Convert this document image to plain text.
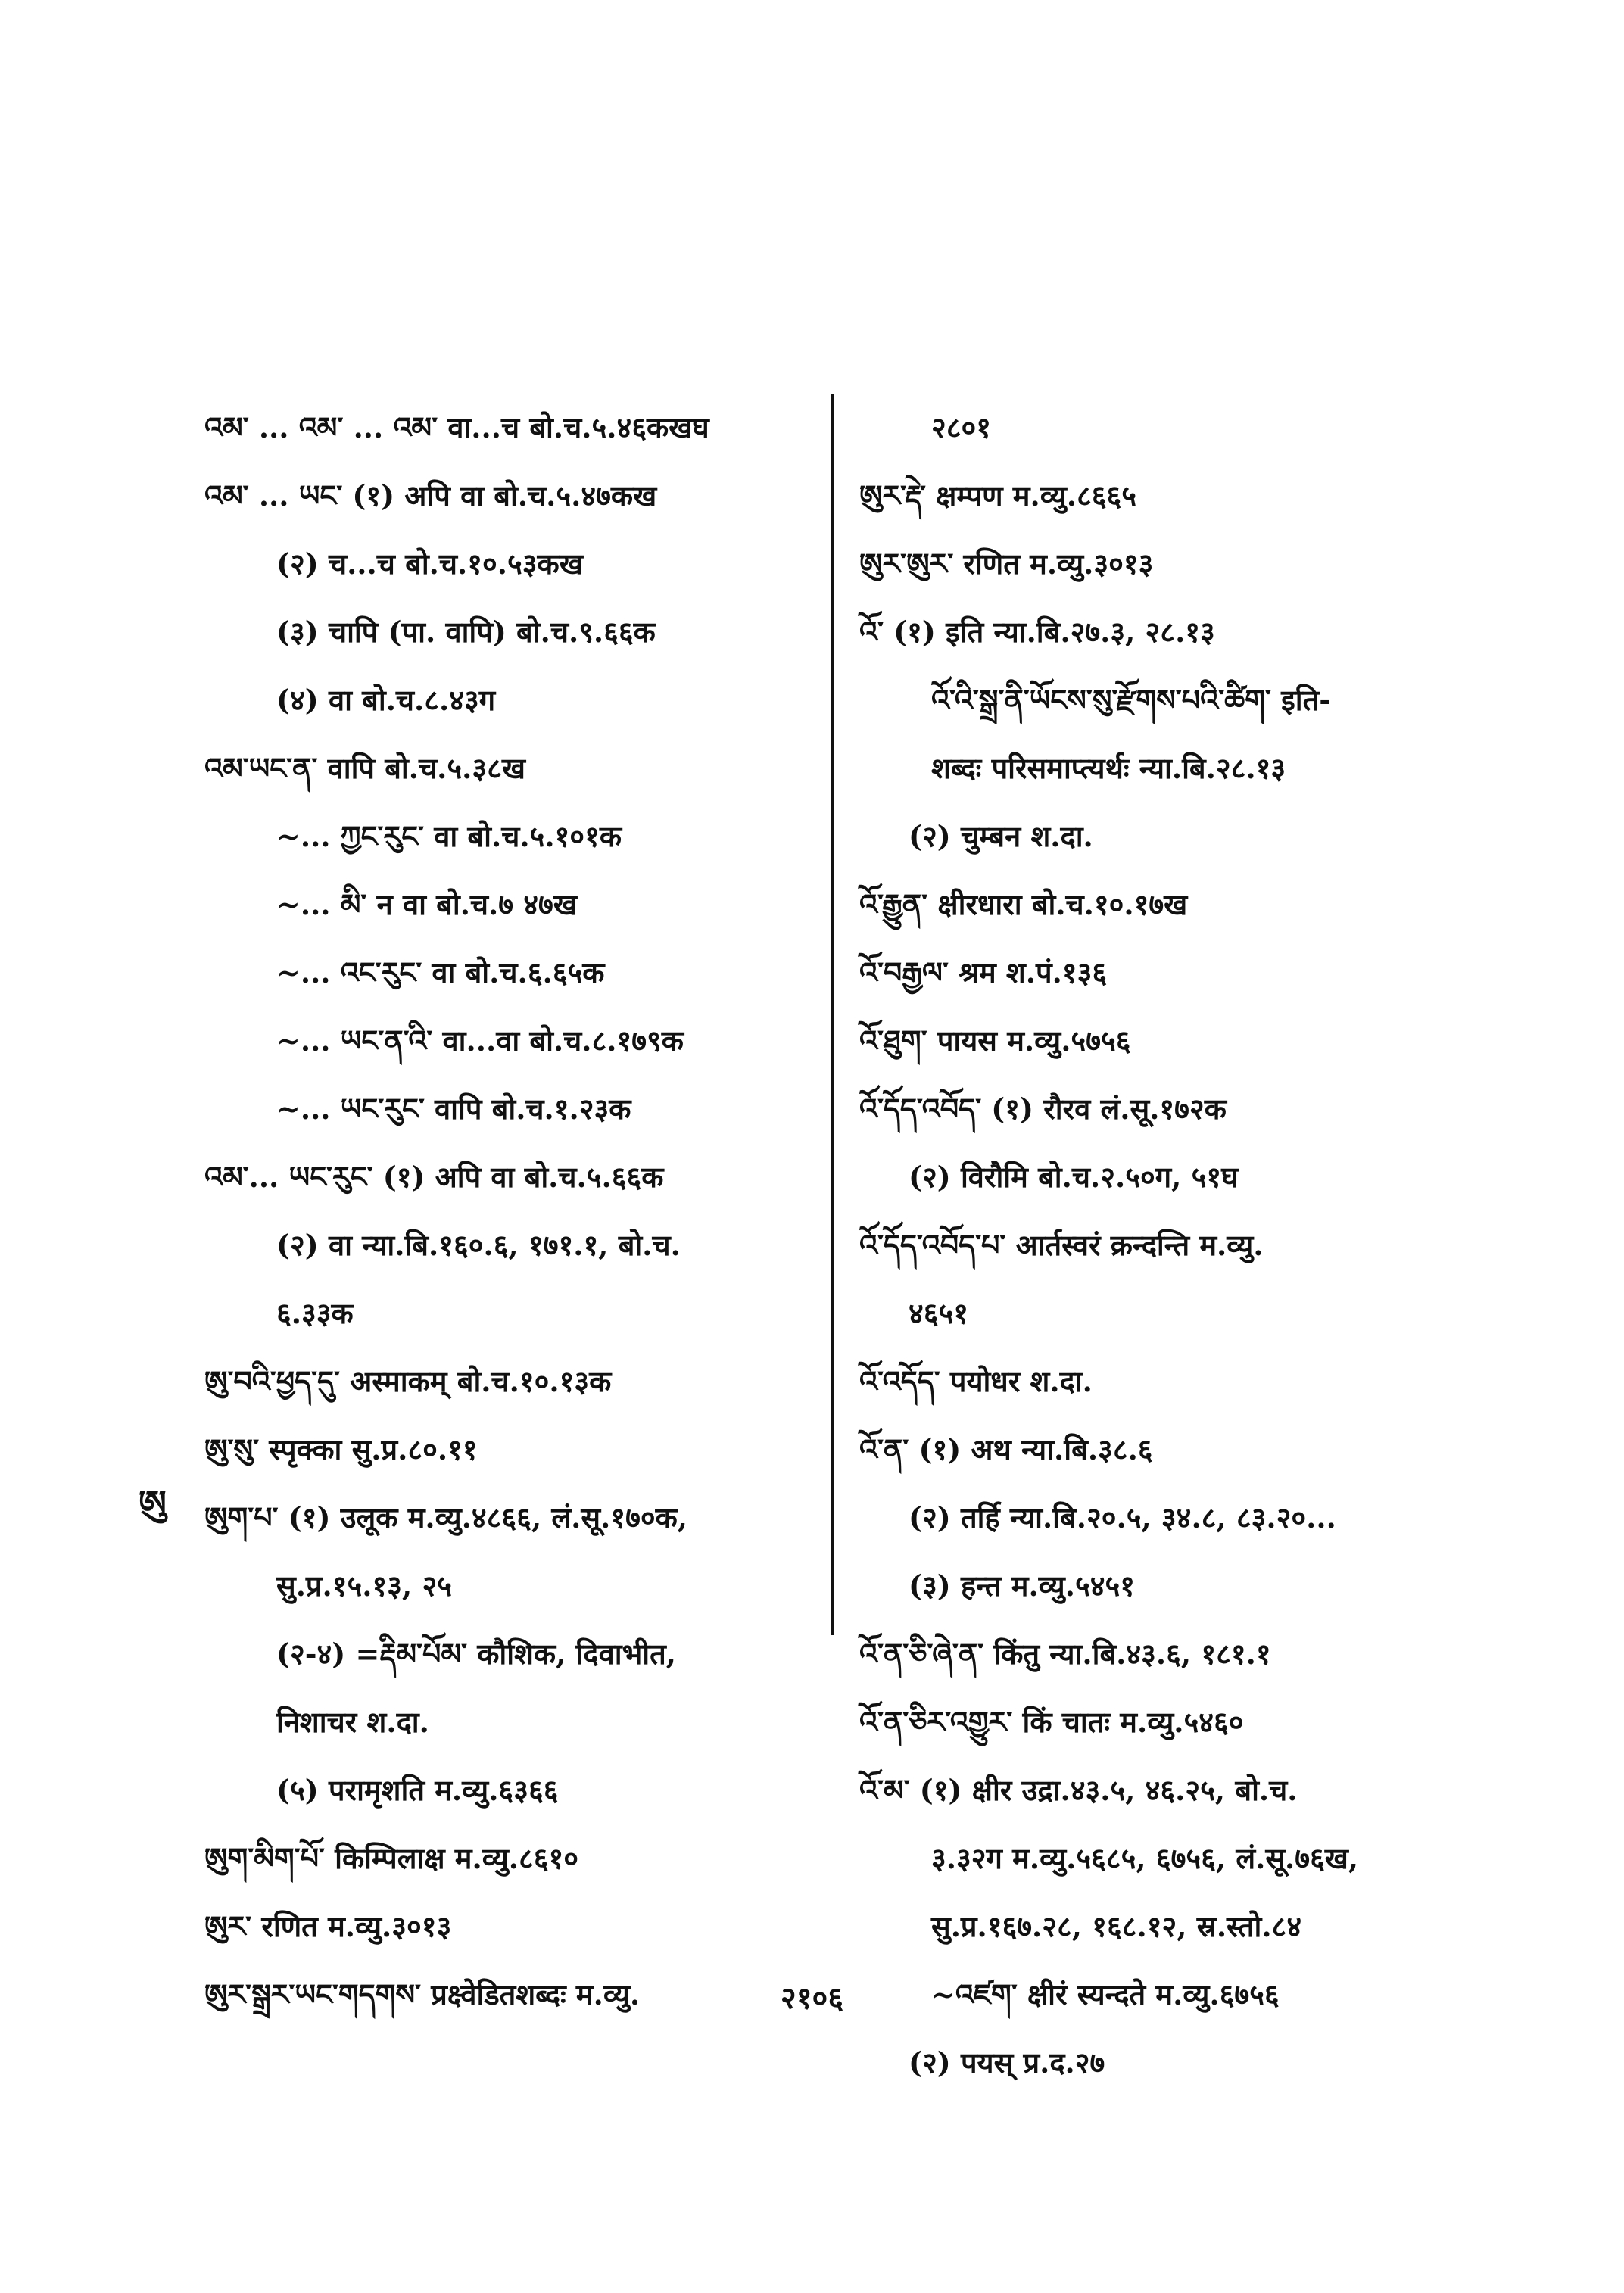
འམ་ ... འམ་ ... འམ་ वा...च बो.च.५.४६कखघ
འམ་ ... ཡང་ (१) अपि वा बो.च.५.४७कख
(२) च...च बो.च.१०.५३कख
(३) चापि (पा. वापि) बो.च.९.६६क
(४) वा बो.च.८.४३ग
འམ་ཡང་ན་ वापि बो.च.५.३८ख
~... ཀྱང་རུང་ वा बो.च.५.१०१क
~... མི་ न वा बो.च.७ ४७ख
~... འང་རུང་ वा बो.च.६.६५क
~... ཡང་ན་འི་ वा...वा बो.च.८.१७९क
~... ཡང་རུང་ वापि बो.च.१.२३क
འམ་... ཡང་རུང་ (१) अपि वा बो.च.५.६६क
(२) वा न्या.बि.१६०.६, १७१.१, बो.च.
६.३३क
ཨུ་བའི་ཕྱད་དུ་ अस्माकम् बो.च.१०.१३क
ཨུ་སུ་ स्पृक्का सु.प्र.८०.११
ཨུག་པ་ (१) उलूक म.व्यु.४८६६, लं.सू.१७०क,
सु.प्र.१५.१३, २५
(२-४) =རྡིམ་པོམ་ कौशिक, दिवाभीत,
निशाचर श.दा.
(५) परामृशति म.व्यु.६३६६
ཨུག་མིག་པོ་ किम्पिलाक्ष म.व्यु.८६१०
ཨུར་ रणित म.व्यु.३०१३
ཨུར་སྒྲར་ཡང་གདགས་ प्रक्ष्वेडितशब्दः म.व्यु.
२८०१
ཨུར་རྡེ་ क्षम्पण म.व्यु.८६६५
ཨུར་ཨུར་ रणित म.व्यु.३०१३
འོ་ (१) इति न्या.बि.२७.३, २८.१३
འོ་འི་སྒྲ་ནི་ཡོངས་སུ་རྫོགས་པའི་ཚིག་ इति-
शब्दः परिसमाप्त्यर्थः न्या.बि.२८.१३
(२) चुम्बन श.दा.
འོ་རྒྱུན་ क्षीरधारा बो.च.१०.१७ख
འོ་བརྒྱལ་ श्रम श.पं.१३६
འོ་ཐུག་ पायस म.व्यु.५७५६
འོ་དོད་འབོད་ (१) रौरव लं.सू.१७२क
(२) विरौमि बो.च.२.५०ग, ५१घ
འོ་དོད་འབོད་པ་ आर्तस्वरं क्रन्दन्ति म.व्यु.
४६५१
འོ་འདོད་ पयोधर श.दा.
འོ་ན་ (१) अथ न्या.बि.३८.६
(२) तर्हि न्या.बि.२०.५, ३४.८, ८३.२०...
(३) हन्त म.व्यु.५४५१
འོ་ན་ཅི་ཞེ་ན་ किंतु न्या.बि.४३.६, १८१.१
འོ་ན་ཅིར་འགྱུར་ किं चातः म.व्यु.५४६०
འོ་མ་ (१) क्षीर उद्रा.४३.५, ४६.२५, बो.च.
३.३२ग म.व्यु.५६८५, ६७५६, लं.सू.७६ख,
सु.प्र.१६७.२८, १६८.१२, स्र.स्तो.८४
~འཛག་ क्षीरं स्यन्दते म.व्यु.६७५६
(२) पयस् प्र.द.२७
ཨུ
२१०६
